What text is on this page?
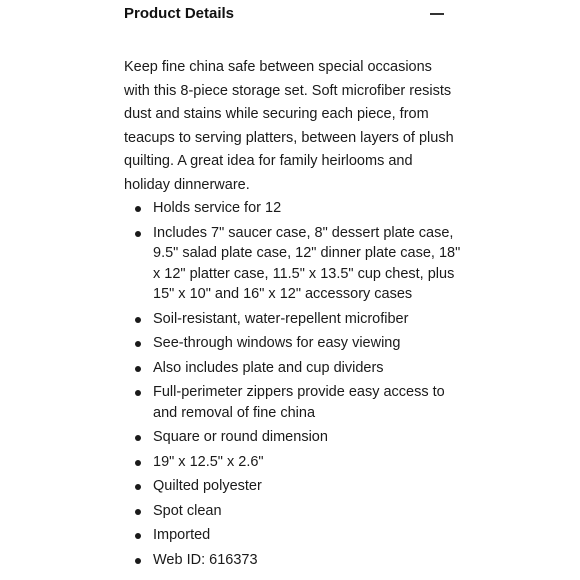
Product Details

Keep fine china safe between special occasions with this 8-piece storage set. Soft microfiber resists dust and stains while securing each piece, from teacups to serving platters, between layers of plush quilting. A great idea for family heirlooms and holiday dinnerware.

Holds service for 12
Includes 7" saucer case, 8" dessert plate case, 9.5" salad plate case, 12" dinner plate case, 18" x 12" platter case, 11.5" x 13.5" cup chest, plus 15" x 10" and 16" x 12" accessory cases
Soil-resistant, water-repellent microfiber
See-through windows for easy viewing
Also includes plate and cup dividers
Full-perimeter zippers provide easy access to and removal of fine china
Square or round dimension
19" x 12.5" x 2.6"
Quilted polyester
Spot clean
Imported
Web ID: 616373
